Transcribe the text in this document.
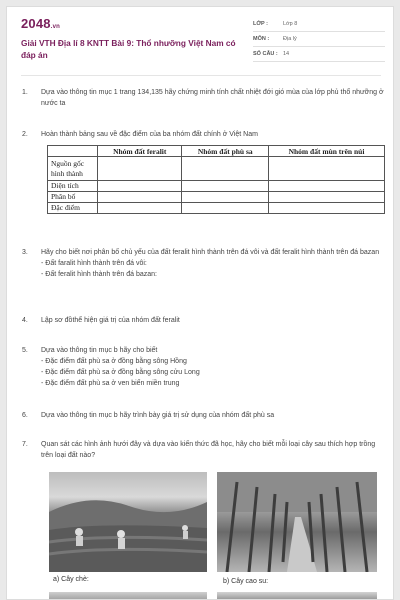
2048.vn
Giải VTH Địa lí 8 KNTT Bài 9: Thổ nhưỡng Việt Nam có đáp án
LỚP :	Lớp 8
MÔN :	Địa lý
SỐ CÂU : 14
1.	Dựa vào thông tin mục 1 trang 134,135 hãy chứng minh tính chất nhiệt đới gió mùa của lớp phủ thổ nhưỡng ở nước ta
2.	Hoàn thành bảng sau về đặc điểm của ba nhóm đất chính ở Việt Nam
	Nhóm đất feralit	Nhóm đất phù sa	Nhóm đất mùn trên núi
Nguồn gốc hình thành			
Diện tích			
Phân bố			
Đặc điểm			
3.	Hãy cho biết nơi phân bố chủ yếu của đất feralit hình thành trên đá vôi và đất feralit hình thành trên đá bazan
- Đất faralit hình thành trên đá vôi:
- Đất feralit hình thành trên đá bazan:
4.	Lập sơ đồthể hiện giá trị của nhóm đất feralit
5.	Dựa vào thông tin mục b hãy cho biết
- Đặc điểm đất phù sa ở đồng bằng sông Hồng
- Đặc điểm đất phù sa ở đồng bằng sông cửu Long
- Đặc điểm đất phù sa ở ven biển miền trung
6.	Dựa vào thông tin mục b hãy trình bày giá trị sử dụng của nhóm đất phù sa
7.	Quan sát các hình ảnh hưới đây và dựa vào kiến thức đã học, hãy cho biết mỗi loại cây sau thích hợp trồng trên loại đất nào?
a) Cây chè:	b) Cây cao su:
